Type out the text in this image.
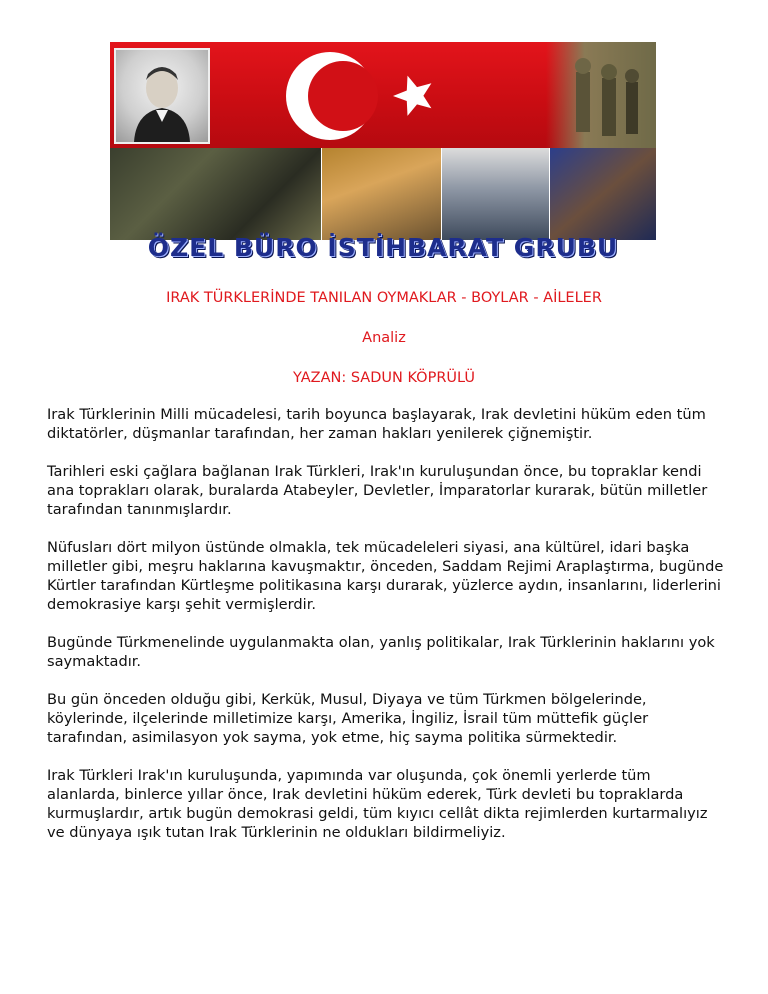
ÖZEL BÜRO İSTİHBARAT GRUBU
IRAK TÜRKLERİNDE TANILAN OYMAKLAR - BOYLAR - AİLELER
Analiz
YAZAN: SADUN KÖPRÜLÜ

Irak Türklerinin Milli mücadelesi, tarih boyunca başlayarak, Irak devletini hüküm eden tüm diktatörler, düşmanlar tarafından, her zaman hakları yenilerek çiğnemiştir.

Tarihleri eski çağlara bağlanan Irak Türkleri, Irak'ın kuruluşundan önce, bu topraklar kendi ana toprakları olarak, buralarda Atabeyler, Devletler, İmparatorlar kurarak, bütün milletler tarafından tanınmışlardır.

Nüfusları dört milyon üstünde olmakla, tek mücadeleleri siyasi, ana kültürel, idari başka milletler gibi, meşru haklarına kavuşmaktır, önceden, Saddam Rejimi Araplaştırma, bugünde Kürtler tarafından Kürtleşme politikasına karşı durarak, yüzlerce aydın, insanlarını, liderlerini demokrasiye karşı şehit vermişlerdir.

Bugünde Türkmenelinde uygulanmakta olan, yanlış politikalar, Irak Türklerinin haklarını yok saymaktadır.

Bu gün önceden olduğu gibi, Kerkük, Musul, Diyaya ve tüm Türkmen bölgelerinde, köylerinde, ilçelerinde milletimize karşı, Amerika, İngiliz, İsrail tüm müttefik güçler tarafından, asimilasyon yok sayma, yok etme, hiç sayma politika sürmektedir.

Irak Türkleri Irak'ın kuruluşunda, yapımında var oluşunda, çok önemli yerlerde tüm alanlarda, binlerce yıllar önce, Irak devletini hüküm ederek, Türk devleti bu topraklarda kurmuşlardır, artık bugün demokrasi geldi, tüm kıyıcı cellât dikta rejimlerden kurtarmalıyız ve dünyaya ışık tutan Irak Türklerinin ne oldukları bildirmeliyiz.
